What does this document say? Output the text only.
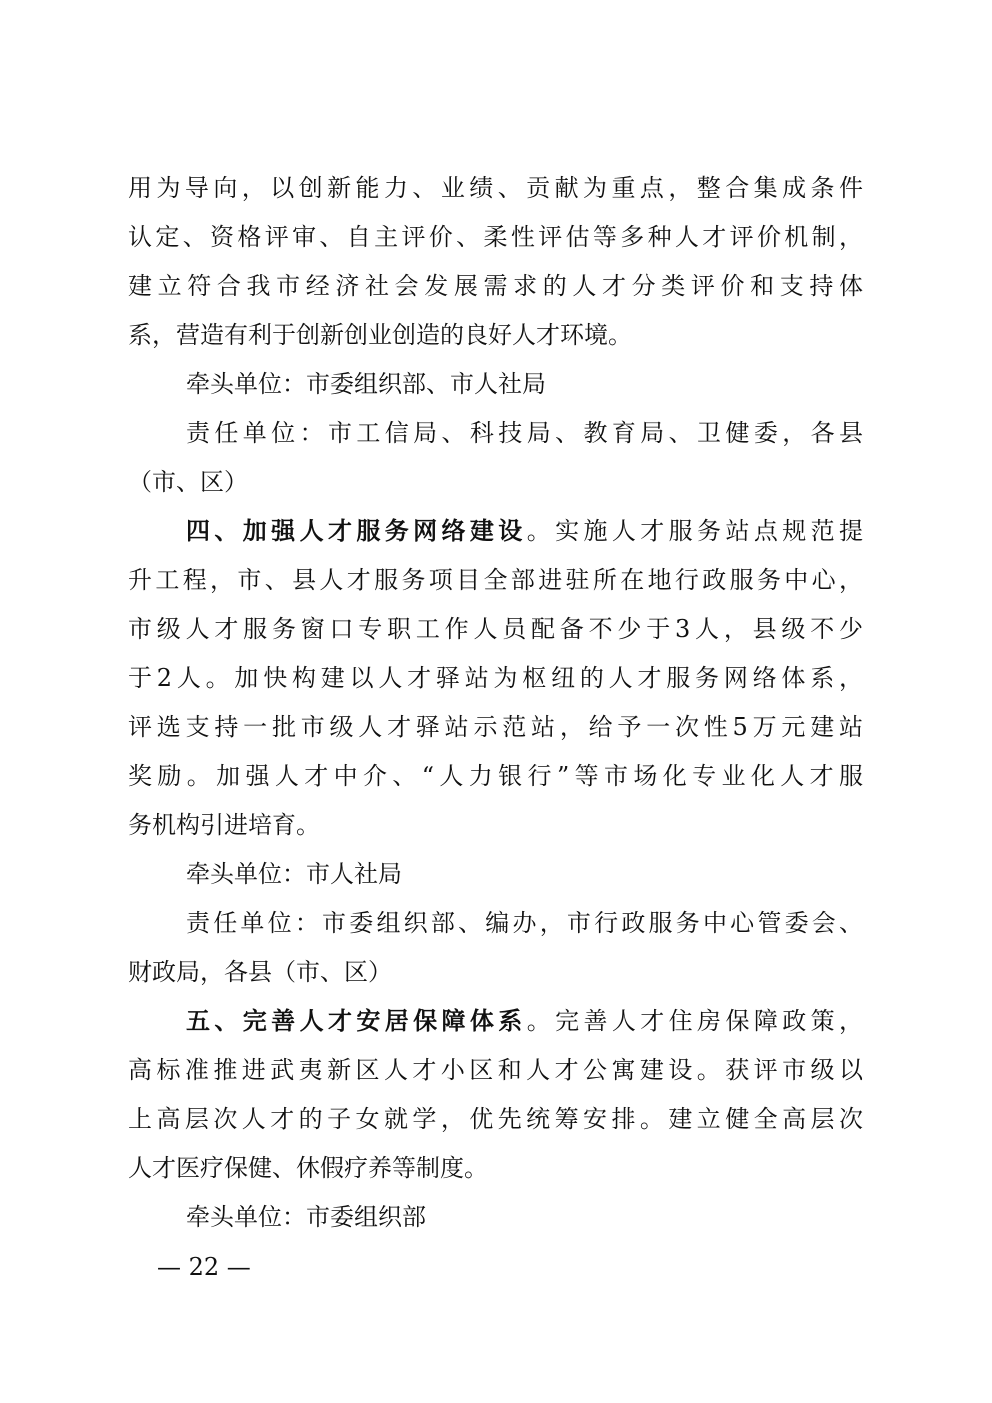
用为导向，以创新能力、业绩、贡献为重点，整合集成条件
认定、资格评审、自主评价、柔性评估等多种人才评价机制，
建立符合我市经济社会发展需求的人才分类评价和支持体
系，营造有利于创新创业创造的良好人才环境。
牵头单位：市委组织部、市人社局
责任单位：市工信局、科技局、教育局、卫健委，各县
（市、区）
四、加强人才服务网络建设。实施人才服务站点规范提
升工程，市、县人才服务项目全部进驻所在地行政服务中心，
市级人才服务窗口专职工作人员配备不少于3人，县级不少
于2人。加快构建以人才驿站为枢纽的人才服务网络体系，
评选支持一批市级人才驿站示范站，给予一次性5万元建站
奖励。加强人才中介、“人力银行”等市场化专业化人才服
务机构引进培育。
牵头单位：市人社局
责任单位：市委组织部、编办，市行政服务中心管委会、
财政局，各县（市、区）
五、完善人才安居保障体系。完善人才住房保障政策，
高标准推进武夷新区人才小区和人才公寓建设。获评市级以
上高层次人才的子女就学，优先统筹安排。建立健全高层次
人才医疗保健、休假疗养等制度。
牵头单位：市委组织部
— 22 —
